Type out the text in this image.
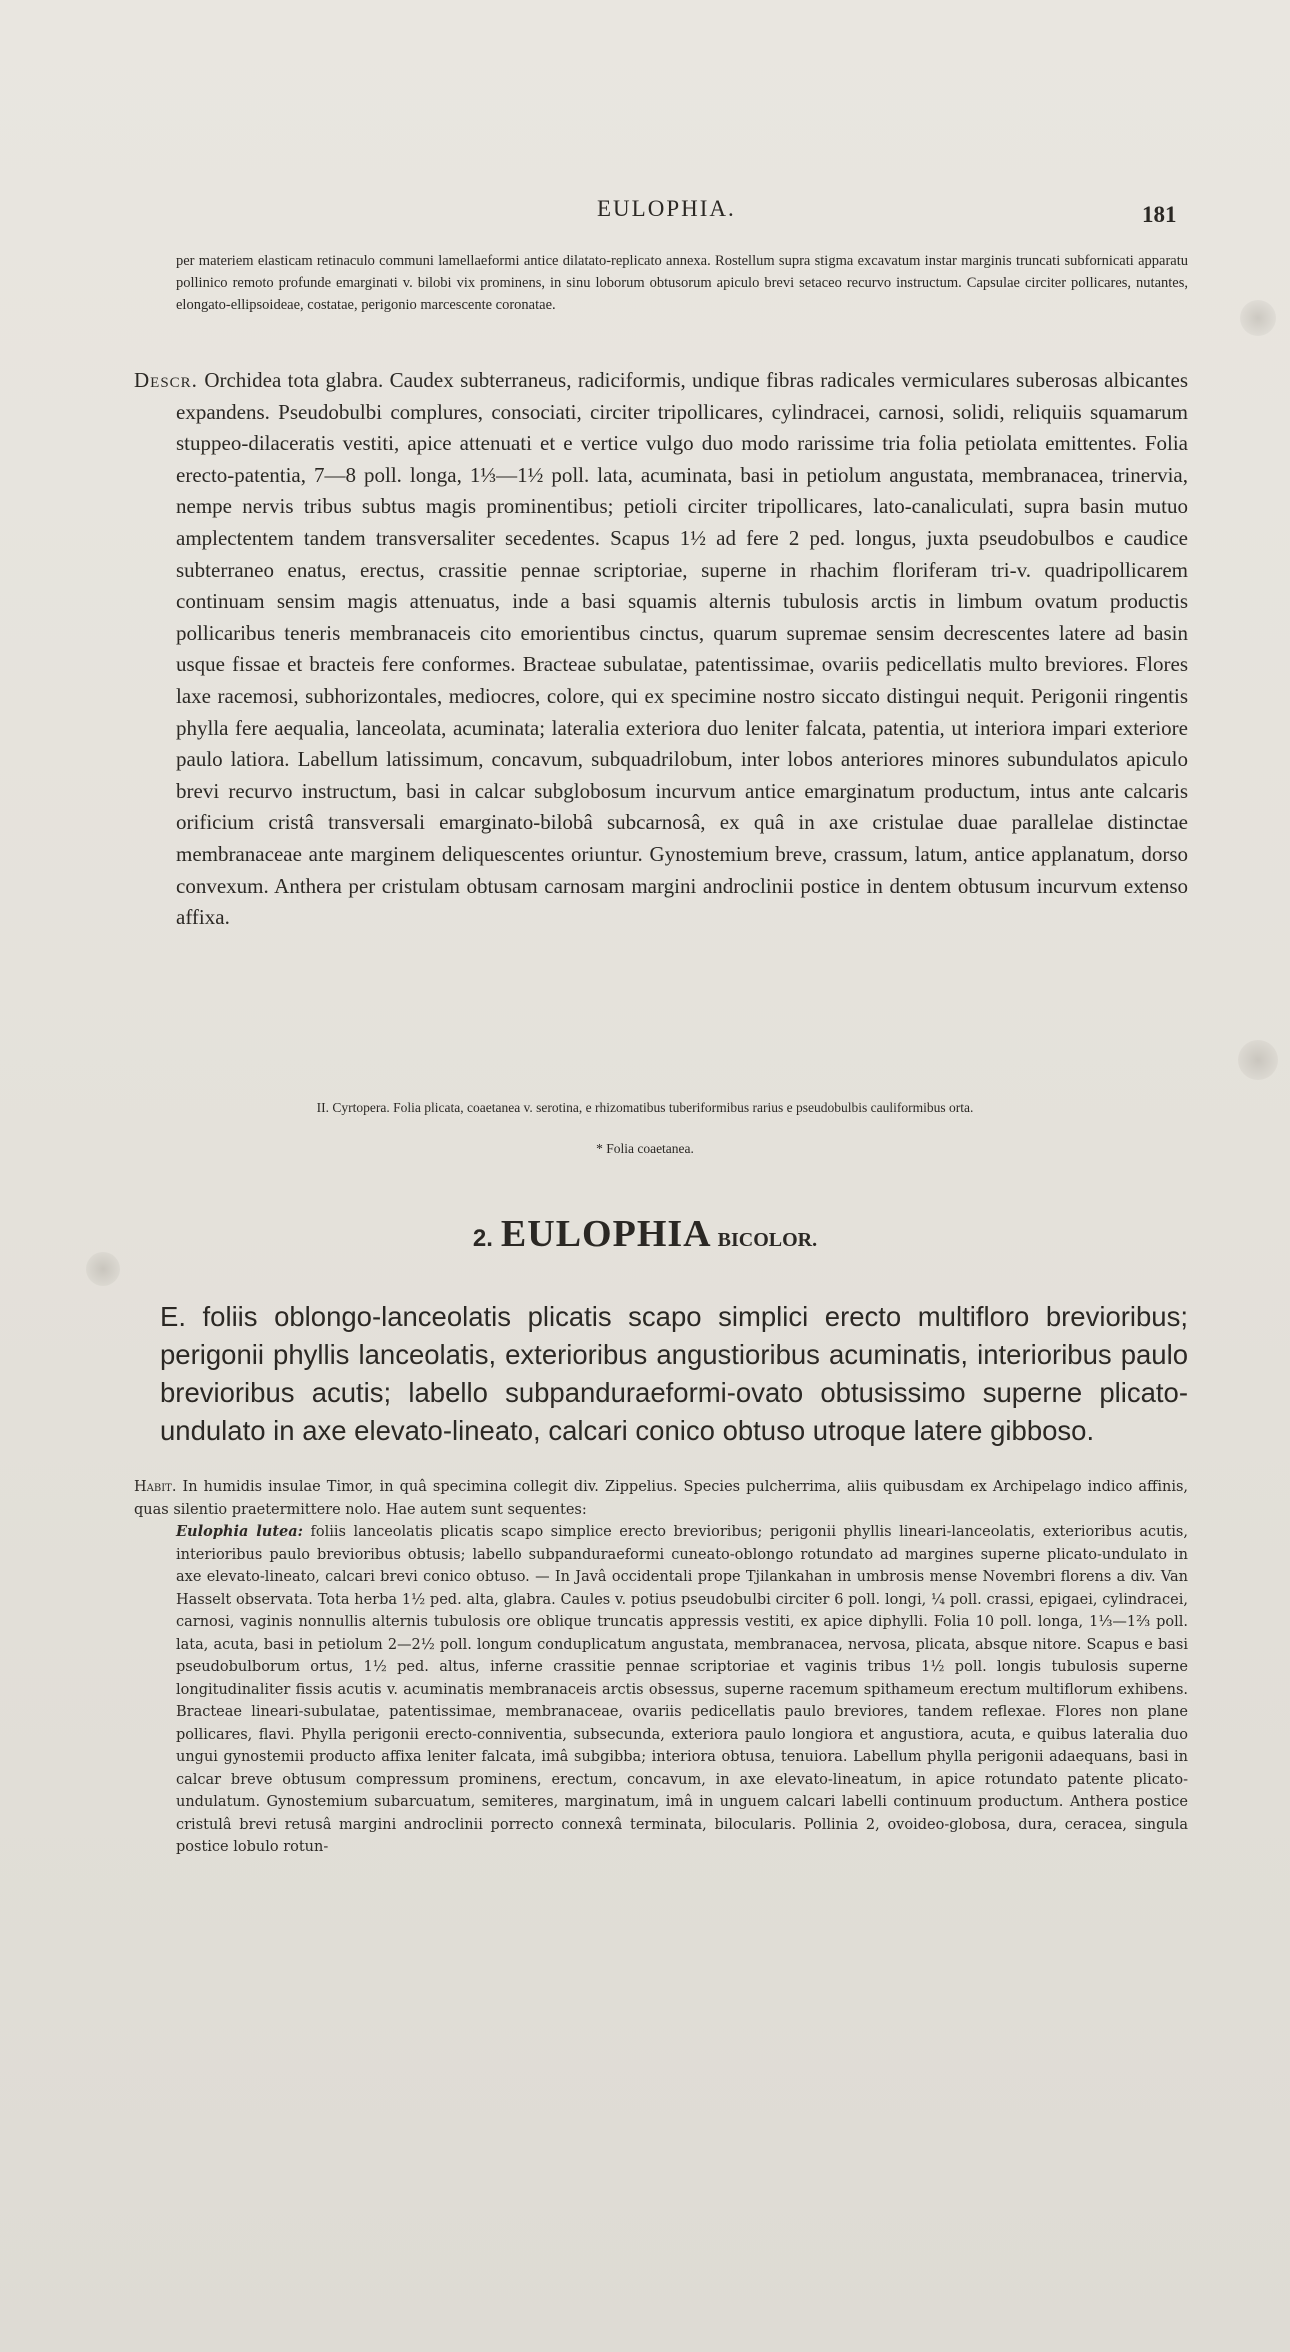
EULOPHIA.	181
per materiem elasticam retinaculo communi lamellaeformi antice dilatato-replicato annexa. Rostellum supra stigma excavatum instar marginis truncati subfornicati apparatu pollinico remoto profunde emarginati v. bilobi vix prominens, in sinu loborum obtusorum apiculo brevi setaceo recurvo instructum. Capsulae circiter pollicares, nutantes, elongato-ellipsoideae, costatae, perigonio marcescente coronatae.

Descr. Orchidea tota glabra. Caudex subterraneus, radiciformis, undique fibras radicales vermiculares suberosas albicantes expandens. Pseudobulbi complures, consociati, circiter tripollicares, cylindracei, carnosi, solidi, reliquiis squamarum stuppeo-dilaceratis vestiti, apice attenuati et e vertice vulgo duo modo rarissime tria folia petiolata emittentes. Folia erecto-patentia, 7—8 poll. longa, 1⅓—1½ poll. lata, acuminata, basi in petiolum angustata, membranacea, trinervia, nempe nervis tribus subtus magis prominentibus; petioli circiter tripollicares, lato-canaliculati, supra basin mutuo amplectentem tandem transversaliter secedentes. Scapus 1½ ad fere 2 ped. longus, juxta pseudobulbos e caudice subterraneo enatus, erectus, crassitie pennae scriptoriae, superne in rhachim floriferam tri-v. quadripollicarem continuam sensim magis attenuatus, inde a basi squamis alternis tubulosis arctis in limbum ovatum productis pollicaribus teneris membranaceis cito emorientibus cinctus, quarum supremae sensim decrescentes latere ad basin usque fissae et bracteis fere conformes. Bracteae subulatae, patentissimae, ovariis pedicellatis multo breviores. Flores laxe racemosi, subhorizontales, mediocres, colore, qui ex specimine nostro siccato distingui nequit. Perigonii ringentis phylla fere aequalia, lanceolata, acuminata; lateralia exteriora duo leniter falcata, patentia, ut interiora impari exteriore paulo latiora. Labellum latissimum, concavum, subquadrilobum, inter lobos anteriores minores subundulatos apiculo brevi recurvo instructum, basi in calcar subglobosum incurvum antice emarginatum productum, intus ante calcaris orificium cristâ transversali emarginato-bilobâ subcarnosâ, ex quâ in axe cristulae duae parallelae distinctae membranaceae ante marginem deliquescentes oriuntur. Gynostemium breve, crassum, latum, antice applanatum, dorso convexum. Anthera per cristulam obtusam carnosam margini androclinii postice in dentem obtusum incurvum extenso affixa.

II. Cyrtopera. Folia plicata, coaetanea v. serotina, e rhizomatibus tuberiformibus rarius e pseudobulbis cauliformibus orta.
* Folia coaetanea.
2. EULOPHIA BICOLOR.
E. foliis oblongo-lanceolatis plicatis scapo simplici erecto multifloro brevioribus; perigonii phyllis lanceolatis, exterioribus angustioribus acuminatis, interioribus paulo brevioribus acutis; labello subpanduraeformi-ovato obtusissimo superne plicato-undulato in axe elevato-lineato, calcari conico obtuso utroque latere gibboso.

Habit. In humidis insulae Timor, in quâ specimina collegit div. Zippelius. Species pulcherrima, aliis quibusdam ex Archipelago indico affinis, quas silentio praetermittere nolo. Hae autem sunt sequentes:

Eulophia lutea: foliis lanceolatis plicatis scapo simplice erecto brevioribus; perigonii phyllis lineari-lanceolatis, exterioribus acutis, interioribus paulo brevioribus obtusis; labello subpanduraeformi cuneato-oblongo rotundato ad margines superne plicato-undulato in axe elevato-lineato, calcari brevi conico obtuso. — In Javâ occidentali prope Tjilankahan in umbrosis mense Novembri florens a div. Van Hasselt observata. Tota herba 1½ ped. alta, glabra. Caules v. potius pseudobulbi circiter 6 poll. longi, ¼ poll. crassi, epigaei, cylindracei, carnosi, vaginis nonnullis alternis tubulosis ore oblique truncatis appressis vestiti, ex apice diphylli. Folia 10 poll. longa, 1⅓—1⅔ poll. lata, acuta, basi in petiolum 2—2½ poll. longum conduplicatum angustata, membranacea, nervosa, plicata, absque nitore. Scapus e basi pseudobulborum ortus, 1½ ped. altus, inferne crassitie pennae scriptoriae et vaginis tribus 1½ poll. longis tubulosis superne longitudinaliter fissis acutis v. acuminatis membranaceis arctis obsessus, superne racemum spithameum erectum multiflorum exhibens. Bracteae lineari-subulatae, patentissimae, membranaceae, ovariis pedicellatis paulo breviores, tandem reflexae. Flores non plane pollicares, flavi. Phylla perigonii erecto-conniventia, subsecunda, exteriora paulo longiora et angustiora, acuta, e quibus lateralia duo ungui gynostemii producto affixa leniter falcata, imâ subgibba; interiora obtusa, tenuiora. Labellum phylla perigonii adaequans, basi in calcar breve obtusum compressum prominens, erectum, concavum, in axe elevato-lineatum, in apice rotundato patente plicato-undulatum. Gynostemium subarcuatum, semiteres, marginatum, imâ in unguem calcari labelli continuum productum. Anthera postice cristulâ brevi retusâ margini androclinii porrecto connexâ terminata, bilocularis. Pollinia 2, ovoideo-globosa, dura, ceracea, singula postice lobulo rotun-
